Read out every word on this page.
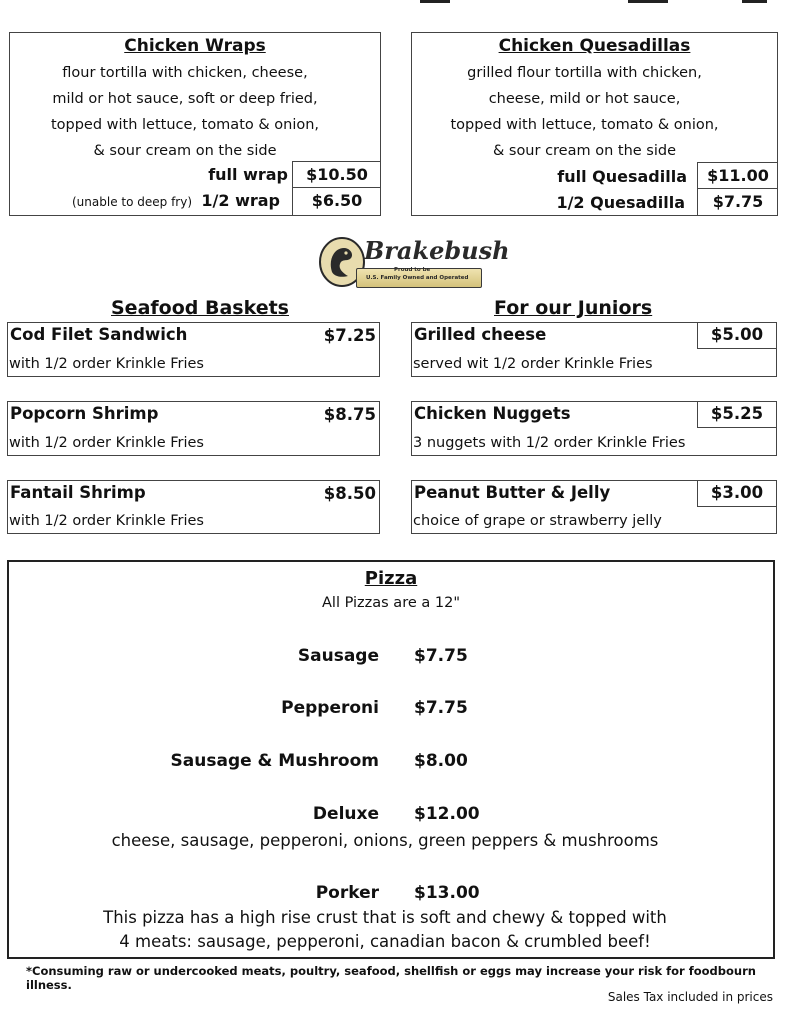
Chicken Wraps
flour tortilla with chicken, cheese,
mild or hot sauce, soft or deep fried,
topped with lettuce, tomato & onion,
& sour cream on the side
full wrap	$10.50
(unable to deep fry) 1/2 wrap	$6.50
Chicken Quesadillas
grilled flour tortilla with chicken,
cheese, mild or hot sauce,
topped with lettuce, tomato & onion,
& sour cream on the side
full Quesadilla	$11.00
1/2 Quesadilla	$7.75
Brakebush
Proud to be
U.S. Family Owned and Operated
Seafood Baskets	For our Juniors
Cod Filet Sandwich	$7.25
with 1/2 order Krinkle Fries
Popcorn Shrimp	$8.75
with 1/2 order Krinkle Fries
Fantail Shrimp	$8.50
with 1/2 order Krinkle Fries
Grilled cheese	$5.00
served wit 1/2 order Krinkle Fries
Chicken Nuggets	$5.25
3 nuggets with 1/2 order Krinkle Fries
Peanut Butter & Jelly	$3.00
choice of grape or strawberry jelly
Pizza
All Pizzas are a 12"
Sausage $7.75
Pepperoni $7.75
Sausage & Mushroom $8.00
Deluxe $12.00
cheese, sausage, pepperoni, onions, green peppers & mushrooms
Porker $13.00
This pizza has a high rise crust that is soft and chewy & topped with
4 meats: sausage, pepperoni, canadian bacon & crumbled beef!
*Consuming raw or undercooked meats, poultry, seafood, shellfish or eggs may increase your risk for foodbourn illness.
Sales Tax included in prices
